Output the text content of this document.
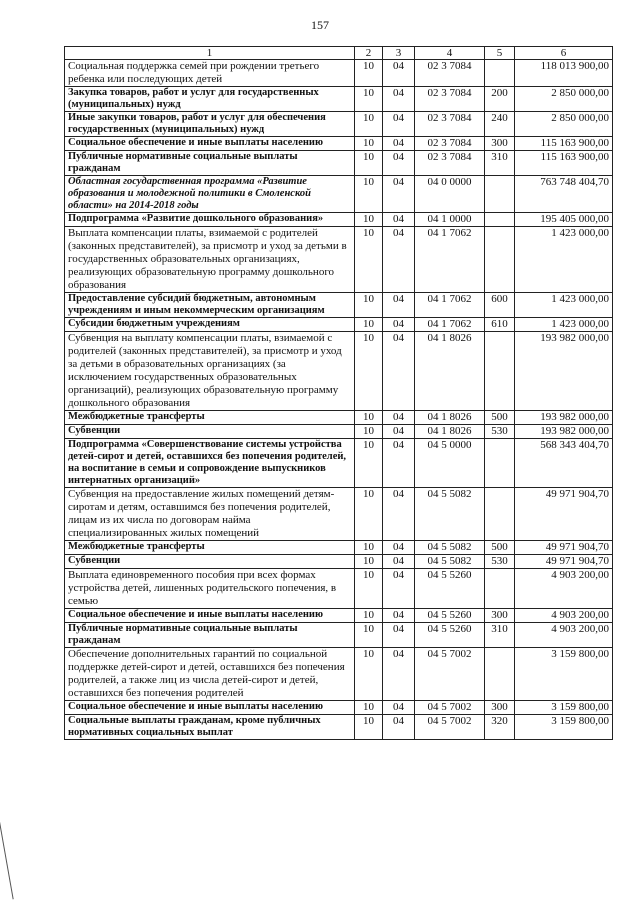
157
1	2	3	4	5	6
Социальная поддержка семей при рождении третьего ребенка или последующих детей	10	04	02 3 7084		118 013 900,00
Закупка товаров, работ и услуг для государственных (муниципальных) нужд	10	04	02 3 7084	200	2 850 000,00
Иные закупки товаров, работ и услуг для обеспечения государственных (муниципальных) нужд	10	04	02 3 7084	240	2 850 000,00
Социальное обеспечение и иные выплаты населению	10	04	02 3 7084	300	115 163 900,00
Публичные нормативные социальные выплаты гражданам	10	04	02 3 7084	310	115 163 900,00
Областная государственная программа «Развитие образования и молодежной политики в Смоленской области» на 2014-2018 годы	10	04	04 0 0000		763 748 404,70
Подпрограмма «Развитие дошкольного образования»	10	04	04 1 0000		195 405 000,00
Выплата компенсации платы, взимаемой с родителей (законных представителей), за присмотр и уход за детьми в государственных образовательных организациях, реализующих образовательную программу дошкольного образования	10	04	04 1 7062		1 423 000,00
Предоставление субсидий бюджетным, автономным учреждениям и иным некоммерческим организациям	10	04	04 1 7062	600	1 423 000,00
Субсидии бюджетным учреждениям	10	04	04 1 7062	610	1 423 000,00
Субвенция на выплату компенсации платы, взимаемой с родителей (законных представителей), за присмотр и уход за детьми в образовательных организациях (за исключением государственных образовательных организаций), реализующих образовательную программу дошкольного образования	10	04	04 1 8026		193 982 000,00
Межбюджетные трансферты	10	04	04 1 8026	500	193 982 000,00
Субвенции	10	04	04 1 8026	530	193 982 000,00
Подпрограмма «Совершенствование системы устройства детей-сирот и детей, оставшихся без попечения родителей, на воспитание в семьи и сопровождение выпускников интернатных организаций»	10	04	04 5 0000		568 343 404,70
Субвенция на предоставление жилых помещений детям-сиротам и детям, оставшимся без попечения родителей, лицам из их числа по договорам найма специализированных жилых помещений	10	04	04 5 5082		49 971 904,70
Межбюджетные трансферты	10	04	04 5 5082	500	49 971 904,70
Субвенции	10	04	04 5 5082	530	49 971 904,70
Выплата единовременного пособия при всех формах устройства детей, лишенных родительского попечения, в семью	10	04	04 5 5260		4 903 200,00
Социальное обеспечение и иные выплаты населению	10	04	04 5 5260	300	4 903 200,00
Публичные нормативные социальные выплаты гражданам	10	04	04 5 5260	310	4 903 200,00
Обеспечение дополнительных гарантий по социальной поддержке детей-сирот и детей, оставшихся без попечения родителей, а также лиц из числа детей-сирот и детей, оставшихся без попечения родителей	10	04	04 5 7002		3 159 800,00
Социальное обеспечение и иные выплаты населению	10	04	04 5 7002	300	3 159 800,00
Социальные выплаты гражданам, кроме публичных нормативных социальных выплат	10	04	04 5 7002	320	3 159 800,00
